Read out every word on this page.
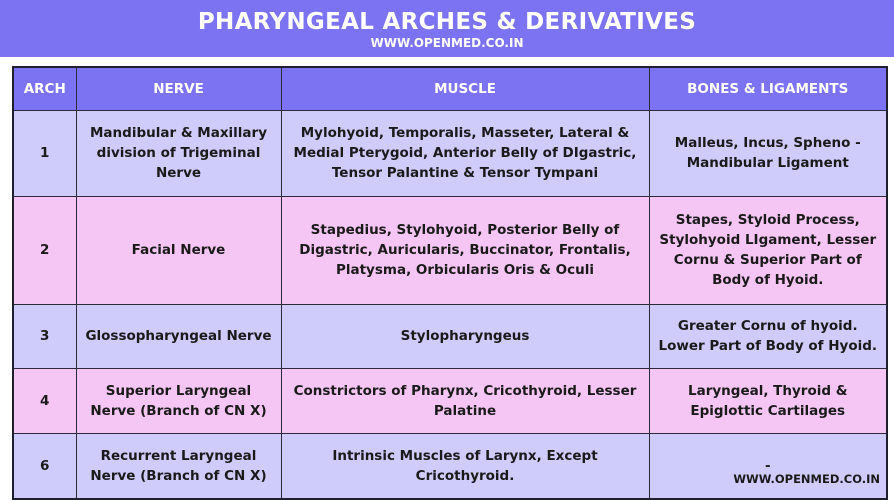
PHARYNGEAL ARCHES & DERIVATIVES
WWW.OPENMED.CO.IN
ARCH	NERVE	MUSCLE	BONES & LIGAMENTS
1	Mandibular & Maxillary division of Trigeminal Nerve	Mylohyoid, Temporalis, Masseter, Lateral & Medial Pterygoid, Anterior Belly of DIgastric, Tensor Palantine & Tensor Tympani	Malleus, Incus, Spheno - Mandibular Ligament
2	Facial Nerve	Stapedius, Stylohyoid, Posterior Belly of Digastric, Auricularis, Buccinator, Frontalis, Platysma, Orbicularis Oris & Oculi	Stapes, Styloid Process, Stylohyoid LIgament, Lesser Cornu & Superior Part of Body of Hyoid.
3	Glossopharyngeal Nerve	Stylopharyngeus	Greater Cornu of hyoid. Lower Part of Body of Hyoid.
4	Superior Laryngeal Nerve (Branch of CN X)	Constrictors of Pharynx, Cricothyroid, Lesser Palatine	Laryngeal, Thyroid & Epiglottic Cartilages
6	Recurrent Laryngeal Nerve (Branch of CN X)	Intrinsic Muscles of Larynx, Except Cricothyroid.	-
WWW.OPENMED.CO.IN
